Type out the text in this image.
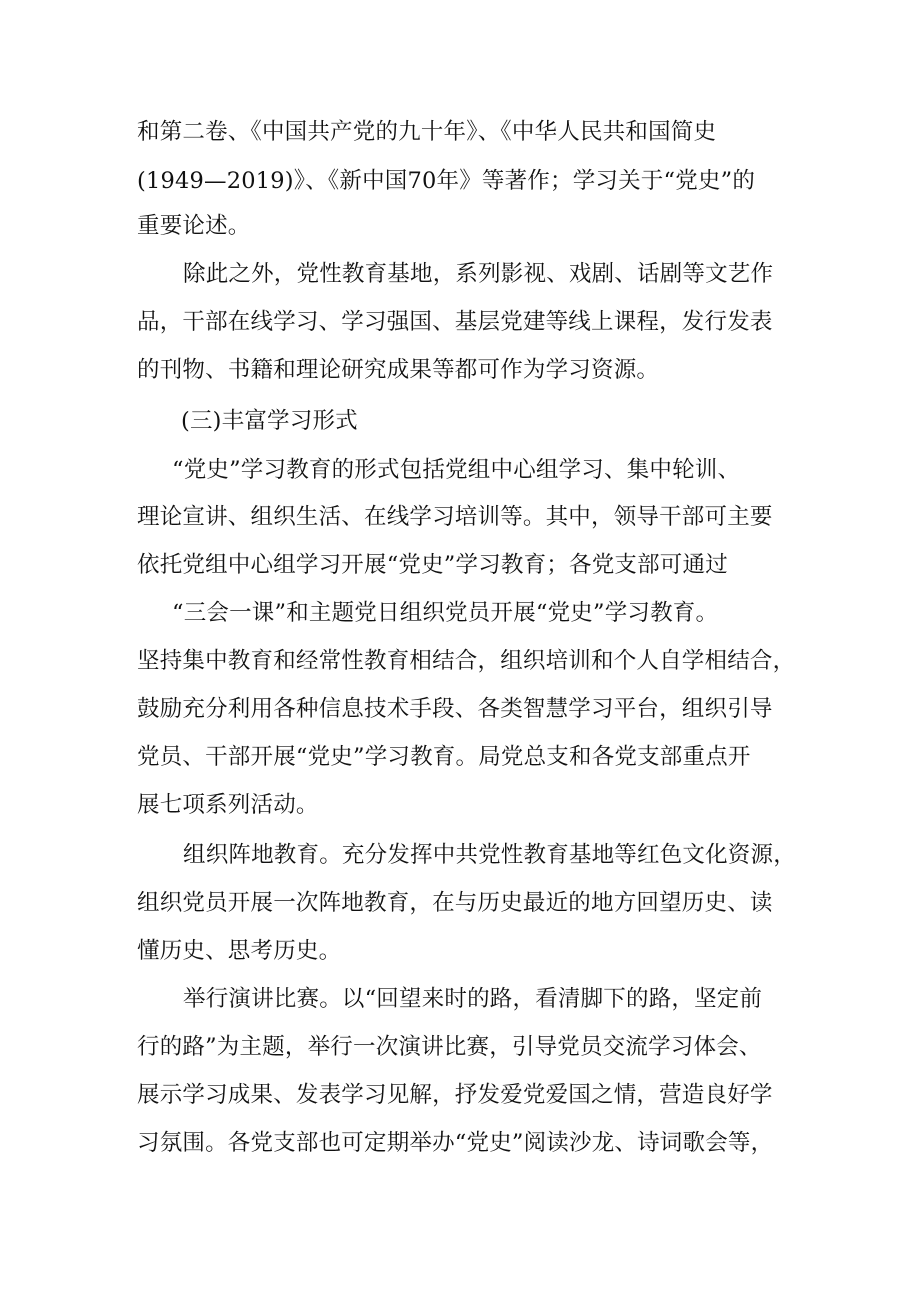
和第二卷、《中国共产党的九十年》、《中华人民共和国简史
(1949—2019)》、《新中国70年》等著作；学习关于“党史”的
重要论述。
除此之外，党性教育基地，系列影视、戏剧、话剧等文艺作
品，干部在线学习、学习强国、基层党建等线上课程，发行发表
的刊物、书籍和理论研究成果等都可作为学习资源。
(三)丰富学习形式
“党史”学习教育的形式包括党组中心组学习、集中轮训、
理论宣讲、组织生活、在线学习培训等。其中，领导干部可主要
依托党组中心组学习开展“党史”学习教育；各党支部可通过
“三会一课”和主题党日组织党员开展“党史”学习教育。
坚持集中教育和经常性教育相结合，组织培训和个人自学相结合，
鼓励充分利用各种信息技术手段、各类智慧学习平台，组织引导
党员、干部开展“党史”学习教育。局党总支和各党支部重点开
展七项系列活动。
组织阵地教育。充分发挥中共党性教育基地等红色文化资源，
组织党员开展一次阵地教育，在与历史最近的地方回望历史、读
懂历史、思考历史。
举行演讲比赛。以“回望来时的路，看清脚下的路，坚定前
行的路”为主题，举行一次演讲比赛，引导党员交流学习体会、
展示学习成果、发表学习见解，抒发爱党爱国之情，营造良好学
习氛围。各党支部也可定期举办“党史”阅读沙龙、诗词歌会等，
